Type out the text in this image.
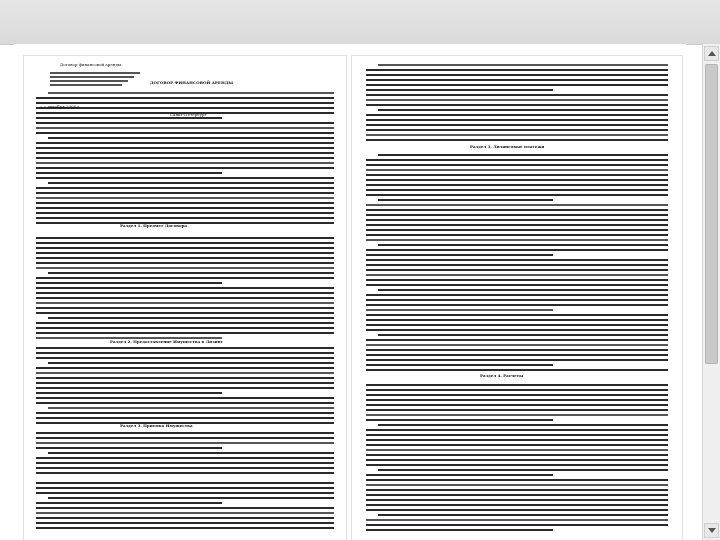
Договор финансовой аренды
ДОГОВОР ФИНАНСОВОЙ АРЕНДЫ
« » декабря 2008 г.
Санкт-Петербург
Раздел 1. Предмет Договора
Раздел 2. Предоставление Имущества в Лизинг
Раздел 3. Приемка Имущества
Раздел 3. Лизинговые платежи
Раздел 4. Расчеты
